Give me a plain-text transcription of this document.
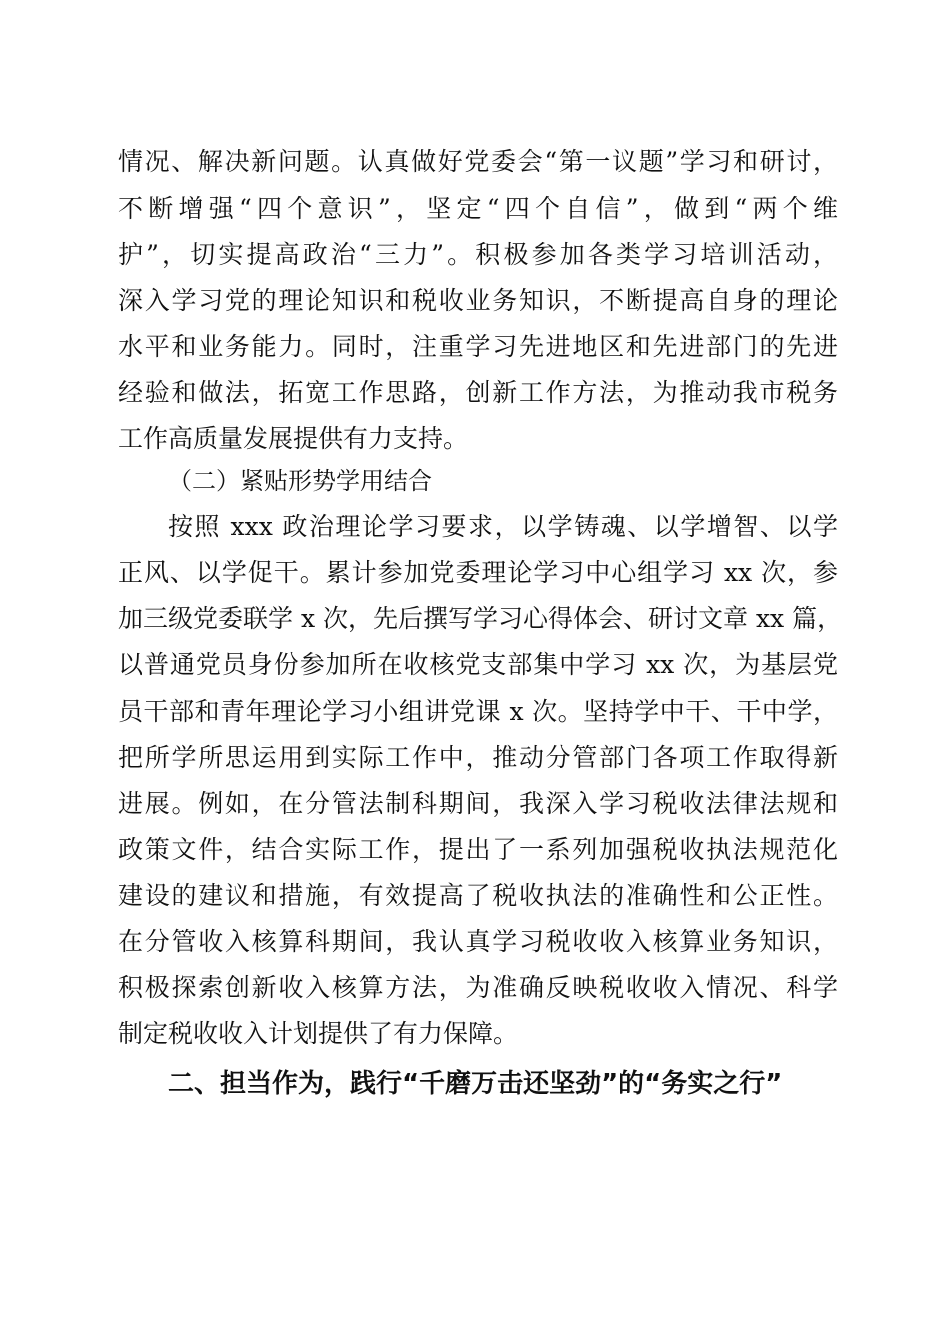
情况、解决新问题。认真做好党委会“第一议题”学习和研讨，
不断增强“四个意识”，坚定“四个自信”，做到“两个维
护”，切实提高政治“三力”。积极参加各类学习培训活动，
深入学习党的理论知识和税收业务知识，不断提高自身的理论
水平和业务能力。同时，注重学习先进地区和先进部门的先进
经验和做法，拓宽工作思路，创新工作方法，为推动我市税务
工作高质量发展提供有力支持。
（二）紧贴形势学用结合
按照 xxx 政治理论学习要求，以学铸魂、以学增智、以学
正风、以学促干。累计参加党委理论学习中心组学习 xx 次，参
加三级党委联学 x 次，先后撰写学习心得体会、研讨文章 xx 篇，
以普通党员身份参加所在收核党支部集中学习 xx 次，为基层党
员干部和青年理论学习小组讲党课 x 次。坚持学中干、干中学，
把所学所思运用到实际工作中，推动分管部门各项工作取得新
进展。例如，在分管法制科期间，我深入学习税收法律法规和
政策文件，结合实际工作，提出了一系列加强税收执法规范化
建设的建议和措施，有效提高了税收执法的准确性和公正性。
在分管收入核算科期间，我认真学习税收收入核算业务知识，
积极探索创新收入核算方法，为准确反映税收收入情况、科学
制定税收收入计划提供了有力保障。
二、担当作为，践行“千磨万击还坚劲”的“务实之行”
